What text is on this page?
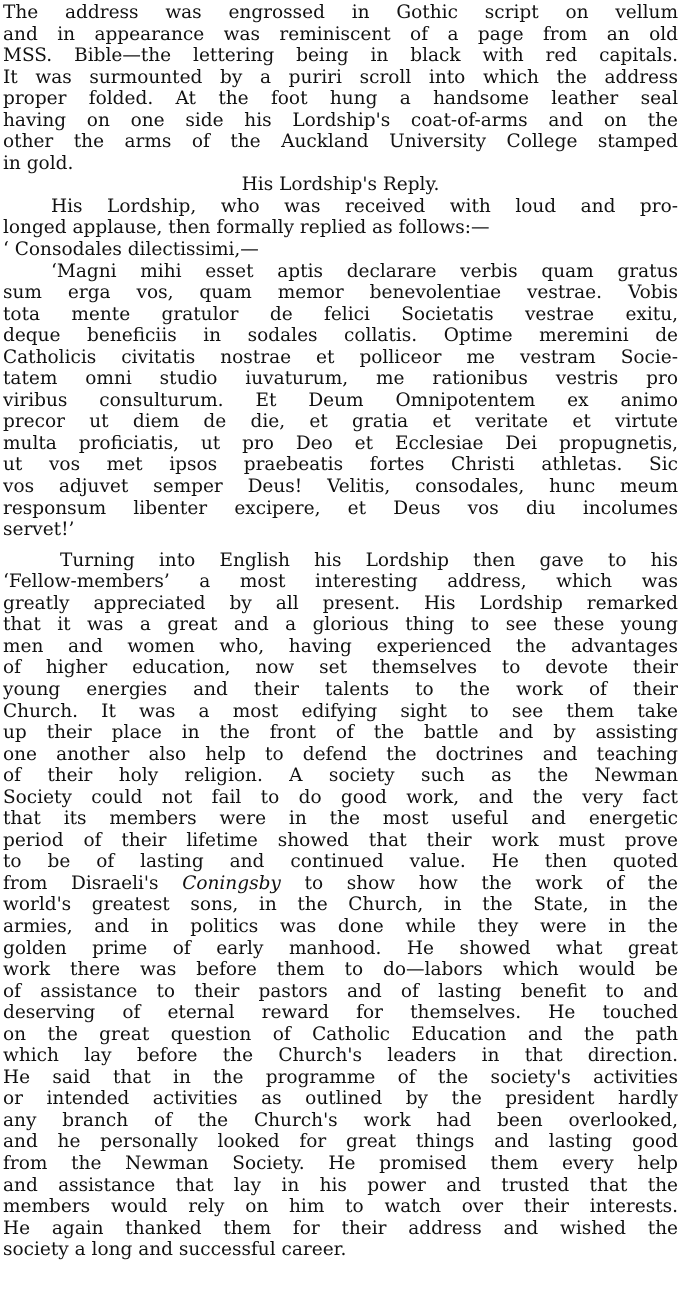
The address was engrossed in Gothic script on vellum
and in appearance was reminiscent of a page from an old
MSS. Bible—the lettering being in black with red capitals.
It was surmounted by a puriri scroll into which the address
proper folded. At the foot hung a handsome leather seal
having on one side his Lordship's coat-of-arms and on the
other the arms of the Auckland University College stamped
in gold.
His Lordship's Reply.
His Lordship, who was received with loud and pro-
longed applause, then formally replied as follows:—
‘ Consodales dilectissimi,—
‘Magni mihi esset aptis declarare verbis quam gratus
sum erga vos, quam memor benevolentiae vestrae. Vobis
tota mente gratulor de felici Societatis vestrae exitu,
deque beneficiis in sodales collatis. Optime meremini de
Catholicis civitatis nostrae et polliceor me vestram Socie-
tatem omni studio iuvaturum, me rationibus vestris pro
viribus consulturum. Et Deum Omnipotentem ex animo
precor ut diem de die, et gratia et veritate et virtute
multa proficiatis, ut pro Deo et Ecclesiae Dei propugnetis,
ut vos met ipsos praebeatis fortes Christi athletas. Sic
vos adjuvet semper Deus! Velitis, consodales, hunc meum
responsum libenter excipere, et Deus vos diu incolumes
servet!’
Turning into English his Lordship then gave to his
‘Fellow-members’ a most interesting address, which was
greatly appreciated by all present. His Lordship remarked
that it was a great and a glorious thing to see these young
men and women who, having experienced the advantages
of higher education, now set themselves to devote their
young energies and their talents to the work of their
Church. It was a most edifying sight to see them take
up their place in the front of the battle and by assisting
one another also help to defend the doctrines and teaching
of their holy religion. A society such as the Newman
Society could not fail to do good work, and the very fact
that its members were in the most useful and energetic
period of their lifetime showed that their work must prove
to be of lasting and continued value. He then quoted
from Disraeli's Coningsby to show how the work of the
world's greatest sons, in the Church, in the State, in the
armies, and in politics was done while they were in the
golden prime of early manhood. He showed what great
work there was before them to do—labors which would be
of assistance to their pastors and of lasting benefit to and
deserving of eternal reward for themselves. He touched
on the great question of Catholic Education and the path
which lay before the Church's leaders in that direction.
He said that in the programme of the society's activities
or intended activities as outlined by the president hardly
any branch of the Church's work had been overlooked,
and he personally looked for great things and lasting good
from the Newman Society. He promised them every help
and assistance that lay in his power and trusted that the
members would rely on him to watch over their interests.
He again thanked them for their address and wished the
society a long and successful career.
